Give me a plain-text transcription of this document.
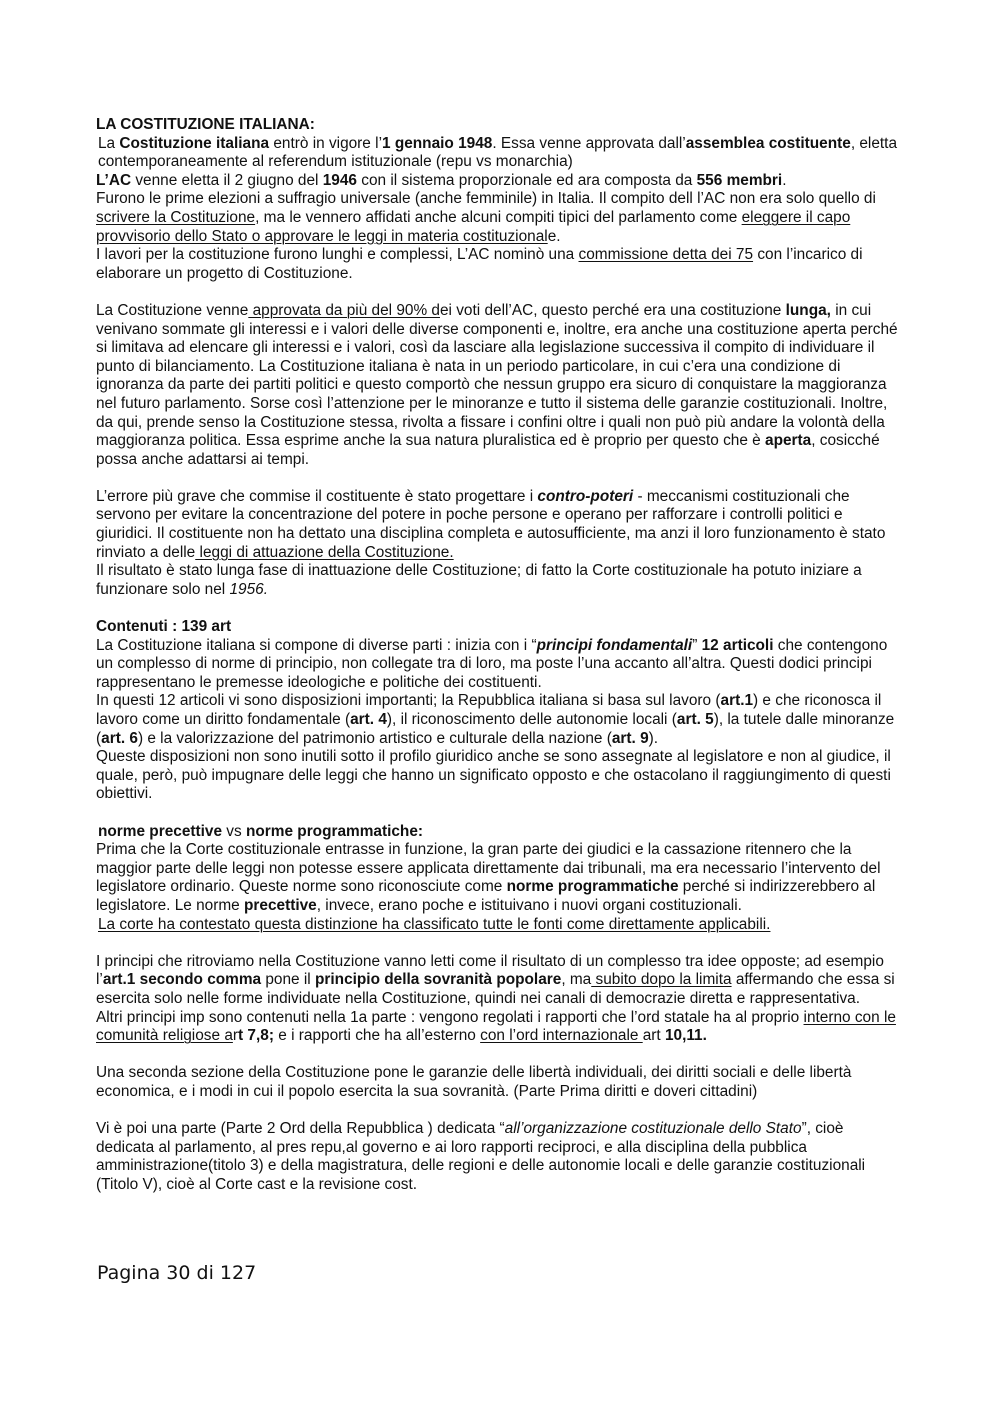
LA COSTITUZIONE ITALIANA:

La Costituzione italiana entrò in vigore l’1 gennaio 1948. Essa venne approvata dall’assemblea costituente, eletta contemporaneamente al referendum istituzionale (repu vs monarchia)

L’AC venne eletta il 2 giugno del 1946 con il sistema proporzionale ed ara composta da 556 membri.
Furono le prime elezioni a suffragio universale (anche femminile) in Italia. Il compito dell l’AC non era solo quello di scrivere la Costituzione, ma le vennero affidati anche alcuni compiti tipici del parlamento come eleggere il capo provvisorio dello Stato o approvare le leggi in materia costituzionale.

I lavori per la costituzione furono lunghi e complessi, L’AC nominò una commissione detta dei 75 con l’incarico di elaborare un progetto di Costituzione.

La Costituzione venne approvata da più del 90% dei voti dell’AC, questo perché era una costituzione lunga, in cui venivano sommate gli interessi e i valori delle diverse componenti e, inoltre, era anche una costituzione aperta perché si limitava ad elencare gli interessi e i valori, così da lasciare alla legislazione successiva il compito di individuare il punto di bilanciamento. La Costituzione italiana è nata in un periodo particolare, in cui c’era una condizione di ignoranza da parte dei partiti politici e questo comportò che nessun gruppo era sicuro di conquistare la maggioranza nel futuro parlamento. Sorse così l’attenzione per le minoranze e tutto il sistema delle garanzie costituzionali. Inoltre, da qui, prende senso la Costituzione stessa, rivolta a fissare i confini oltre i quali non può più andare la volontà della maggioranza politica. Essa esprime anche la sua natura pluralistica ed è proprio per questo che è aperta, cosicché possa anche adattarsi ai tempi.

L’errore più grave che commise il costituente è stato progettare i contro-poteri - meccanismi costituzionali che servono per evitare la concentrazione del potere in poche persone e operano per rafforzare i controlli politici e giuridici. Il costituente non ha dettato una disciplina completa e autosufficiente, ma anzi il loro funzionamento è stato rinviato a delle leggi di attuazione della Costituzione.
Il risultato è stato lunga fase di inattuazione delle Costituzione; di fatto la Corte costituzionale ha potuto iniziare a funzionare solo nel 1956.

Contenuti : 139 art

La Costituzione italiana si compone di diverse parti : inizia con i “principi fondamentali” 12 articoli che contengono un complesso di norme di principio, non collegate tra di loro, ma poste l’una accanto all’altra. Questi dodici principi rappresentano le premesse ideologiche e politiche dei costituenti.
In questi 12 articoli vi sono disposizioni importanti; la Repubblica italiana si basa sul lavoro (art.1) e che riconosca il lavoro come un diritto fondamentale (art. 4), il riconoscimento delle autonomie locali (art. 5), la tutele dalle minoranze (art. 6) e la valorizzazione del patrimonio artistico e culturale della nazione (art. 9).
Queste disposizioni non sono inutili sotto il profilo giuridico anche se sono assegnate al legislatore e non al giudice, il quale, però, può impugnare delle leggi che hanno un significato opposto e che ostacolano il raggiungimento di questi obiettivi.

norme precettive vs norme programmatiche:

Prima che la Corte costituzionale entrasse in funzione, la gran parte dei giudici e la cassazione ritennero che la maggior parte delle leggi non potesse essere applicata direttamente dai tribunali, ma era necessario l’intervento del legislatore ordinario. Queste norme sono riconosciute come norme programmatiche perché si indirizzerebbero al legislatore. Le norme precettive, invece, erano poche e istituivano i nuovi organi costituzionali.

La corte ha contestato questa distinzione ha classificato tutte le fonti come direttamente applicabili.

I principi che ritroviamo nella Costituzione vanno letti come il risultato di un complesso tra idee opposte; ad esempio l’art.1 secondo comma pone il principio della sovranità popolare, ma subito dopo la limita affermando che essa si esercita solo nelle forme individuate nella Costituzione, quindi nei canali di democrazie diretta e rappresentativa.
Altri principi imp sono contenuti nella 1a parte : vengono regolati i rapporti che l’ord statale ha al proprio interno con le comunità religiose art 7,8; e i rapporti che ha all’esterno con l’ord internazionale art 10,11.

Una seconda sezione della Costituzione pone le garanzie delle libertà individuali, dei diritti sociali e delle libertà economica, e i modi in cui il popolo esercita la sua sovranità. (Parte Prima diritti e doveri cittadini)

Vi è poi una parte (Parte 2 Ord della Repubblica ) dedicata “all’organizzazione costituzionale dello Stato”, cioè dedicata al parlamento, al pres repu,al governo e ai loro rapporti reciproci, e alla disciplina della pubblica amministrazione(titolo 3) e della magistratura, delle regioni e delle autonomie locali e delle garanzie costituzionali (Titolo V), cioè al Corte cast e la revisione cost.

Pagina 30 di 127
